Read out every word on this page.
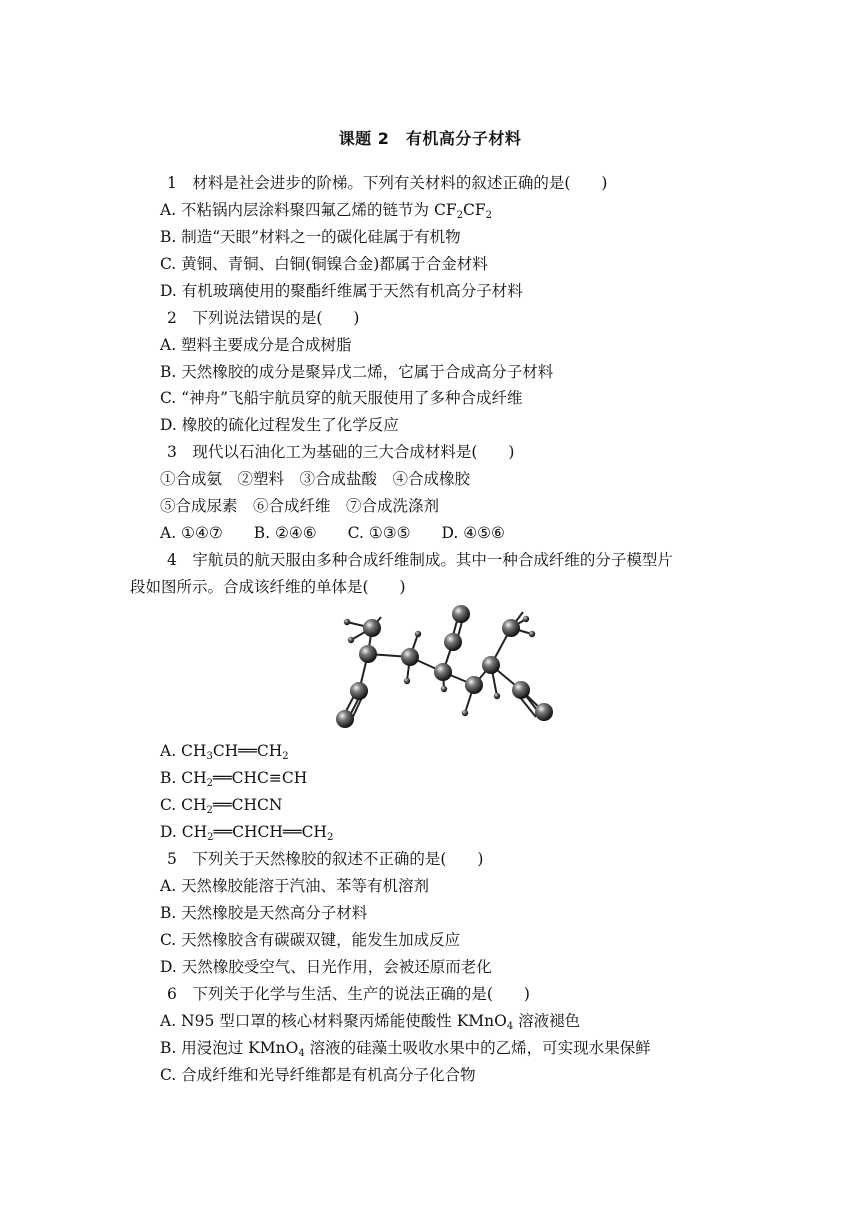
课题 2　有机高分子材料
1　材料是社会进步的阶梯。下列有关材料的叙述正确的是(　　)
A. 不粘锅内层涂料聚四氟乙烯的链节为 $CF_2CF_2$
B. 制造“天眼”材料之一的碳化硅属于有机物
C. 黄铜、青铜、白铜(铜镍合金)都属于合金材料
D. 有机玻璃使用的聚酯纤维属于天然有机高分子材料
2　下列说法错误的是(　　)
A. 塑料主要成分是合成树脂
B. 天然橡胶的成分是聚异戊二烯，它属于合成高分子材料
C. “神舟”飞船宇航员穿的航天服使用了多种合成纤维
D. 橡胶的硫化过程发生了化学反应
3　现代以石油化工为基础的三大合成材料是(　　)
①合成氨　②塑料　③合成盐酸　④合成橡胶
⑤合成尿素　⑥合成纤维　⑦合成洗涤剂
A. ①④⑦　　B. ②④⑥　　C. ①③⑤　　D. ④⑤⑥
4　宇航员的航天服由多种合成纤维制成。其中一种合成纤维的分子模型片
段如图所示。合成该纤维的单体是(　　)
A. $CH_3CH══CH_2$
B. $CH_2══CHC\equiv CH$
C. $CH_2══CHCN$
D. $CH_2══CHCH══CH_2$
5　下列关于天然橡胶的叙述不正确的是(　　)
A. 天然橡胶能溶于汽油、苯等有机溶剂
B. 天然橡胶是天然高分子材料
C. 天然橡胶含有碳碳双键，能发生加成反应
D. 天然橡胶受空气、日光作用，会被还原而老化
6　下列关于化学与生活、生产的说法正确的是(　　)
A. N95 型口罩的核心材料聚丙烯能使酸性 KMnO$_4$ 溶液褪色
B. 用浸泡过 KMnO$_4$ 溶液的硅藻土吸收水果中的乙烯，可实现水果保鲜
C. 合成纤维和光导纤维都是有机高分子化合物
